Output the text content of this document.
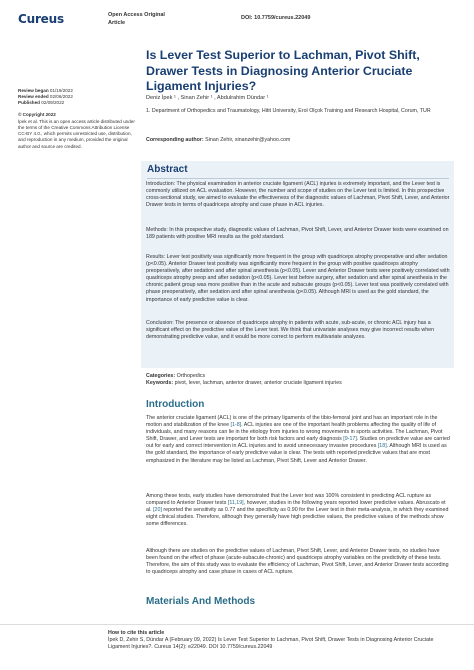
Cureus	Open Access Original
Article
DOI: 10.7759/cureus.22049
Is Lever Test Superior to Lachman, Pivot Shift, Drawer Tests in Diagnosing Anterior Cruciate Ligament Injuries?
Review began 01/19/2022
Review ended 02/06/2022
Published 02/09/2022
© Copyright 2022
İpek et al. This is an open access article distributed under the terms of the Creative Commons Attribution License CC-BY 4.0., which permits unrestricted use, distribution, and reproduction in any medium, provided the original author and source are credited.
Deniz İpek ¹ , Sinan Zehir ¹ , Abdulrahim Dündar ¹
1. Department of Orthopedics and Traumatology, Hitit University, Erol Olçok Training and Research Hospital, Corum, TUR
Corresponding author: Sinan Zehir, sinanzehir@yahoo.com
Abstract
Introduction: The physical examination in anterior cruciate ligament (ACL) injuries is extremely important, and the Lever test is commonly utilized on ACL evaluation. However, the number and scope of studies on the Lever test is limited. In this prospective cross-sectional study, we aimed to evaluate the effectiveness of the diagnostic values of Lachman, Pivot Shift, Lever, and Anterior Drawer tests in terms of quadriceps atrophy and case phase in ACL injuries.
Methods: In this prospective study, diagnostic values of Lachman, Pivot Shift, Lever, and Anterior Drawer tests were examined on 189 patients with positive MRI results as the gold standard.
Results: Lever test positivity was significantly more frequent in the group with quadriceps atrophy preoperative and after sedation (p<0.05). Anterior Drawer test positivity was significantly more frequent in the group with positive quadriceps atrophy preoperatively, after sedation and after spinal anesthesia (p<0.05). Lever and Anterior Drawer tests were positively correlated with quadriceps atrophy preop and after sedation (p<0.05). Lever test before surgery, after sedation and after spinal anesthesia in the chronic patient group was more positive than in the acute and subacute groups (p<0.05). Lever test was positively correlated with phase preoperatively, after sedation and after spinal anesthesia (p<0.05). Although MRI is used as the gold standard, the importance of early predictive value is clear.
Conclusion: The presence or absence of quadriceps atrophy in patients with acute, sub-acute, or chronic ACL injury has a significant effect on the predictive value of the Lever test. We think that univariate analyses may give incorrect results when demonstrating predictive value, and it would be more correct to perform multivariate analyzes.
Categories: Orthopedics
Keywords: pivot, lever, lachman, anterior drawer, anterior cruciate ligament injuries
Introduction
The anterior cruciate ligament (ACL) is one of the primary ligaments of the tibio-femoral joint and has an important role in the motion and stabilization of the knee [1-8]. ACL injuries are one of the important health problems affecting the quality of life of individuals, and many reasons can lie in the etiology from injuries to wrong movements in sports activities. The Lachman, Pivot Shift, Drawer, and Lever tests are important for both risk factors and early diagnosis [9-17]. Studies on predictive value are carried out for early and correct intervention in ACL injuries and to avoid unnecessary invasive procedures [18]. Although MRI is used as the gold standard, the importance of early predictive value is clear. The tests with reported predictive values that are most emphasized in the literature may be listed as Lachman, Pivot Shift, Lever and Anterior Drawer.
Among these tests, early studies have demonstrated that the Lever test was 100% consistent in predicting ACL rupture as compared to Anterior Drawer tests [11,19], however, studies in the following years reported lower predictive values. Abruscato et al. [20] reported the sensitivity as 0.77 and the specificity as 0.90 for the Lever test in their meta-analysis, in which they examined eight clinical studies. Therefore, although they generally have high predictive values, the predictive values of the methods show some differences.
Although there are studies on the predictive values of Lachman, Pivot Shift, Lever, and Anterior Drawer tests, no studies have been found on the effect of phase (acute-subacute-chronic) and quadriceps atrophy variables on the predictivity of these tests. Therefore, the aim of this study was to evaluate the efficiency of Lachman, Pivot Shift, Lever, and Anterior Drawer tests according to quadriceps atrophy and case phase in cases of ACL rupture.
Materials And Methods
How to cite this article
İpek D, Zehir S, Dündar A (February 09, 2022) Is Lever Test Superior to Lachman, Pivot Shift, Drawer Tests in Diagnosing Anterior Cruciate Ligament Injuries?. Cureus 14(2): e22049. DOI 10.7759/cureus.22049
